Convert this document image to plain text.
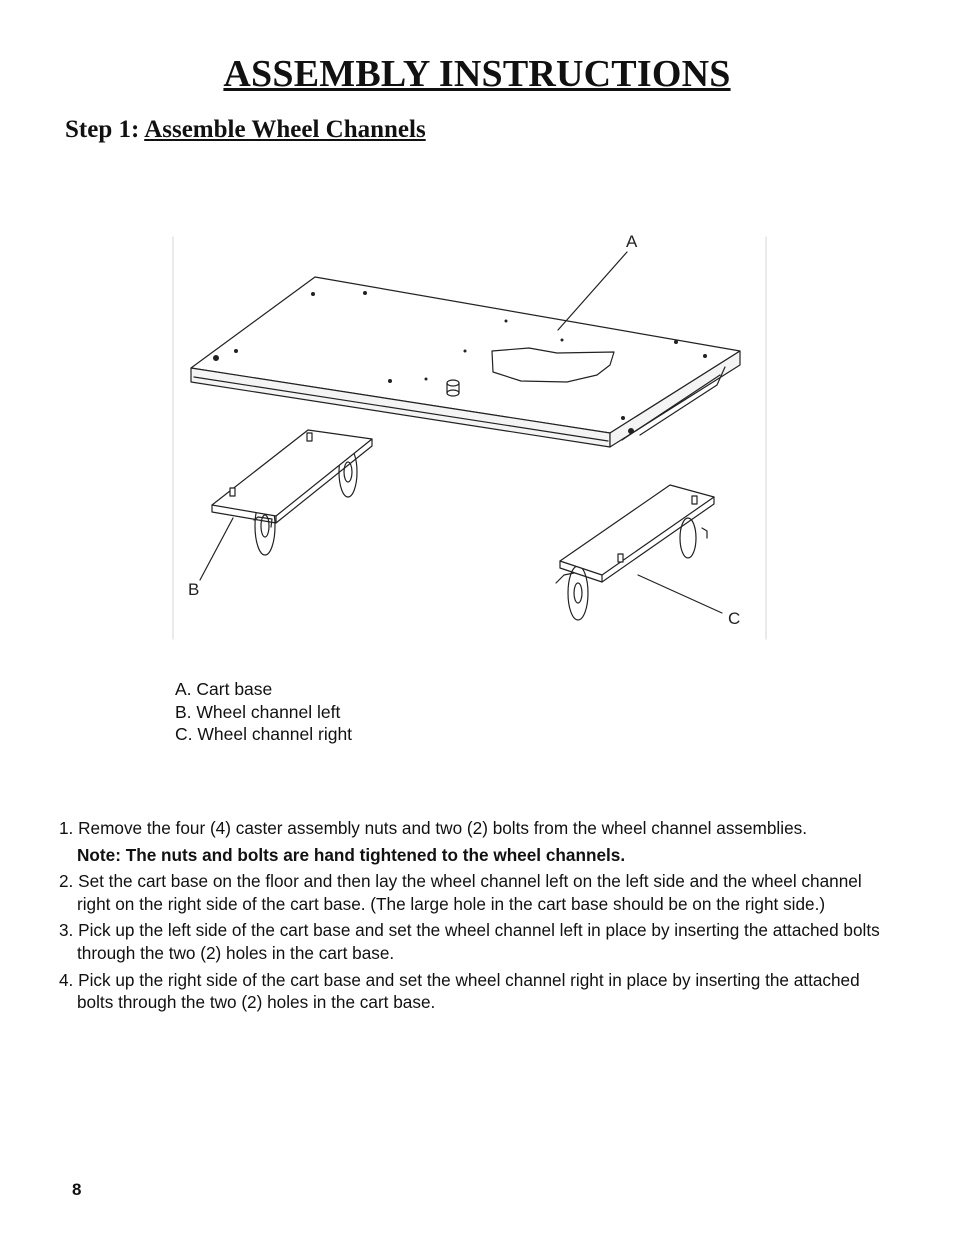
ASSEMBLY INSTRUCTIONS
Step 1: Assemble Wheel Channels
A
B
C
A. Cart base
B. Wheel channel left
C. Wheel channel right
1. Remove the four (4) caster assembly nuts and two (2) bolts from the wheel channel assemblies.
Note: The nuts and bolts are hand tightened to the wheel channels.
2. Set the cart base on the floor and then lay the wheel channel left on the left side and the wheel channel right on the right side of the cart base. (The large hole in the cart base should be on the right side.)
3. Pick up the left side of the cart base and set the wheel channel left in place by inserting the attached bolts through the two (2) holes in the cart base.
4. Pick up the right side of the cart base and set the wheel channel right in place by inserting the attached bolts through the two (2) holes in the cart base.
8
